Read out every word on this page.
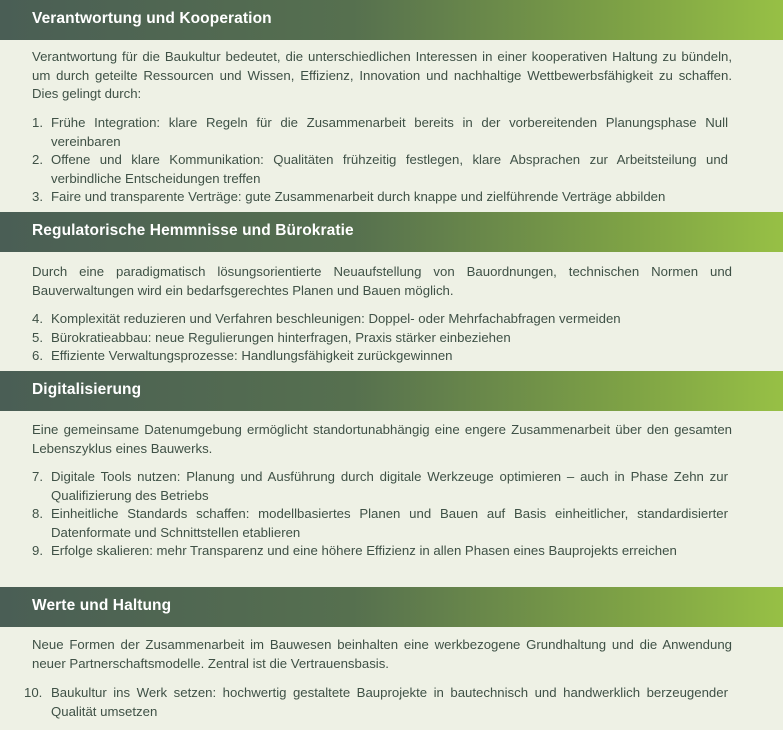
Verantwortung und Kooperation
Verantwortung für die Baukultur bedeutet, die unterschiedlichen Interessen in einer kooperativen Haltung zu bündeln, um durch geteilte Ressourcen und Wissen, Effizienz, Innovation und nachhaltige Wettbewerbsfähigkeit zu schaffen. Dies gelingt durch:
1. Frühe Integration: klare Regeln für die Zusammenarbeit bereits in der vorbereitenden Planungsphase Null vereinbaren
2. Offene und klare Kommunikation: Qualitäten frühzeitig festlegen, klare Absprachen zur Arbeitsteilung und verbindliche Entscheidungen treffen
3. Faire und transparente Verträge: gute Zusammenarbeit durch knappe und zielführende Verträge abbilden
Regulatorische Hemmnisse und Bürokratie
Durch eine paradigmatisch lösungsorientierte Neuaufstellung von Bauordnungen, technischen Normen und Bauverwaltungen wird ein bedarfsgerechtes Planen und Bauen möglich.
4. Komplexität reduzieren und Verfahren beschleunigen: Doppel- oder Mehrfachabfragen vermeiden
5. Bürokratieabbau: neue Regulierungen hinterfragen, Praxis stärker einbeziehen
6. Effiziente Verwaltungsprozesse: Handlungsfähigkeit zurückgewinnen
Digitalisierung
Eine gemeinsame Datenumgebung ermöglicht standortunabhängig eine engere Zusammenarbeit über den gesamten Lebenszyklus eines Bauwerks.
7. Digitale Tools nutzen: Planung und Ausführung durch digitale Werkzeuge optimieren – auch in Phase Zehn zur Qualifizierung des Betriebs
8. Einheitliche Standards schaffen: modellbasiertes Planen und Bauen auf Basis einheitlicher, standardisierter Datenformate und Schnittstellen etablieren
9. Erfolge skalieren: mehr Transparenz und eine höhere Effizienz in allen Phasen eines Bauprojekts erreichen
Werte und Haltung
Neue Formen der Zusammenarbeit im Bauwesen beinhalten eine werkbezogene Grundhaltung und die Anwendung neuer Partnerschaftsmodelle. Zentral ist die Vertrauensbasis.
10. Baukultur ins Werk setzen: hochwertig gestaltete Bauprojekte in bautechnisch und handwerklich berzeugender Qualität umsetzen
